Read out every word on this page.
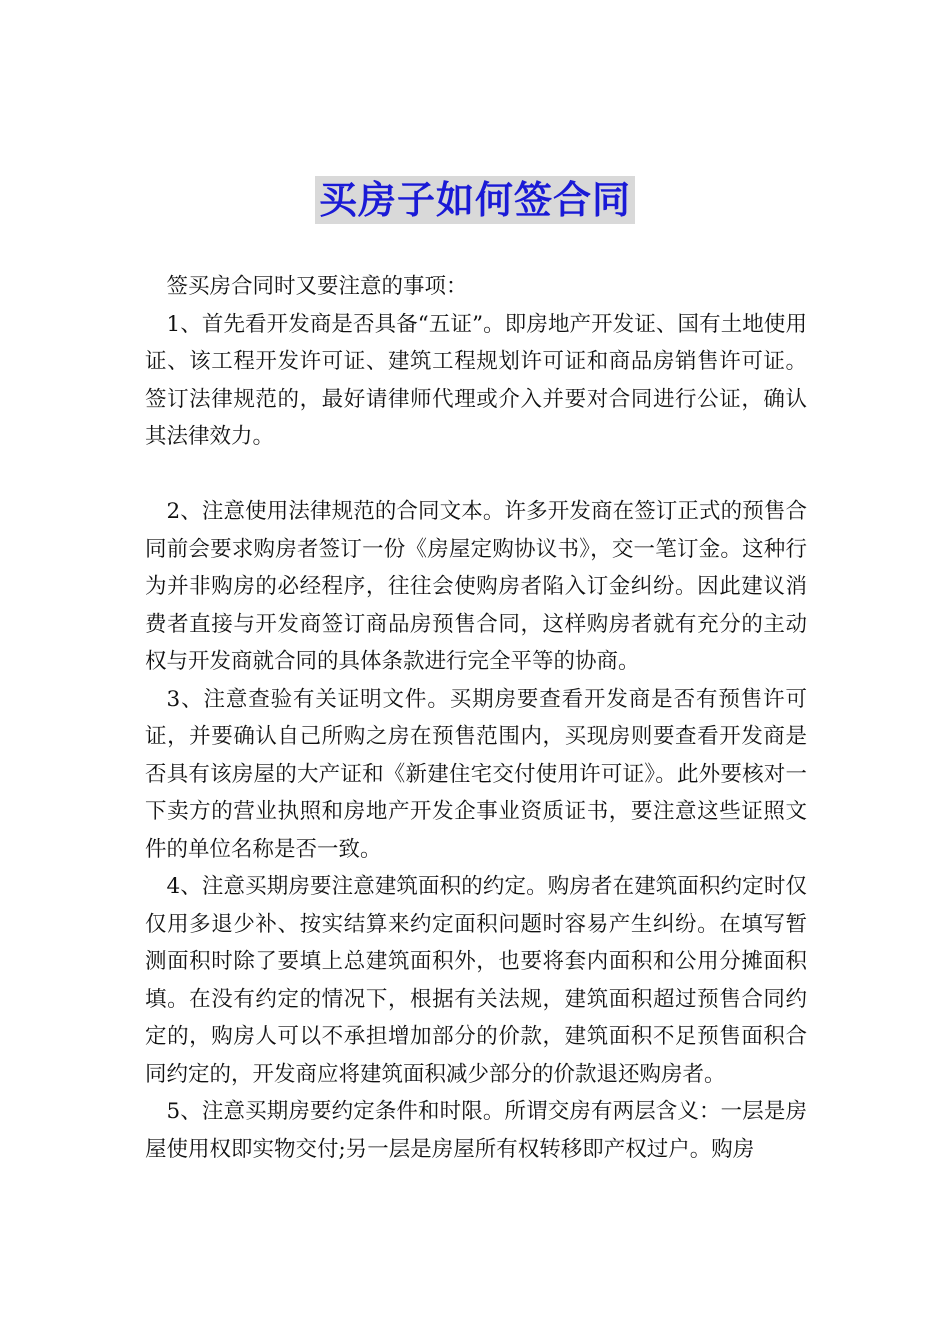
买房子如何签合同

签买房合同时又要注意的事项：

1、首先看开发商是否具备“五证”。即房地产开发证、国有土地使用证、该工程开发许可证、建筑工程规划许可证和商品房销售许可证。签订法律规范的，最好请律师代理或介入并要对合同进行公证，确认其法律效力。

2、注意使用法律规范的合同文本。许多开发商在签订正式的预售合同前会要求购房者签订一份《房屋定购协议书》，交一笔订金。这种行为并非购房的必经程序，往往会使购房者陷入订金纠纷。因此建议消费者直接与开发商签订商品房预售合同，这样购房者就有充分的主动权与开发商就合同的具体条款进行完全平等的协商。

3、注意查验有关证明文件。买期房要查看开发商是否有预售许可证，并要确认自己所购之房在预售范围内，买现房则要查看开发商是否具有该房屋的大产证和《新建住宅交付使用许可证》。此外要核对一下卖方的营业执照和房地产开发企事业资质证书，要注意这些证照文件的单位名称是否一致。

4、注意买期房要注意建筑面积的约定。购房者在建筑面积约定时仅仅用多退少补、按实结算来约定面积问题时容易产生纠纷。在填写暂测面积时除了要填上总建筑面积外，也要将套内面积和公用分摊面积填。在没有约定的情况下，根据有关法规，建筑面积超过预售合同约定的，购房人可以不承担增加部分的价款，建筑面积不足预售面积合同约定的，开发商应将建筑面积减少部分的价款退还购房者。

5、注意买期房要约定条件和时限。所谓交房有两层含义：一层是房屋使用权即实物交付;另一层是房屋所有权转移即产权过户。购房
